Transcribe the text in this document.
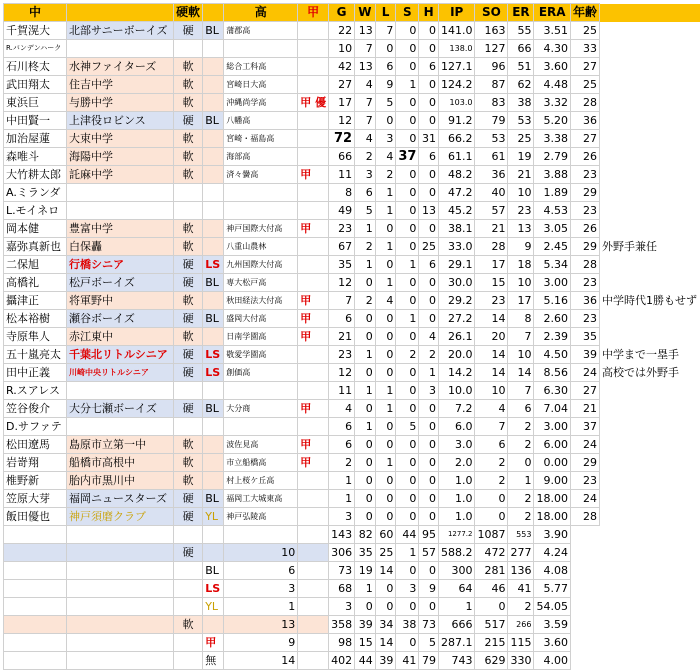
中		硬軟		高	甲	G	W	L	S	H	IP	SO	ER	ERA	年齢	
千賀滉大	北部サニーボーイズ	硬	BL	蒲郡高		22	13	7	0	0	141.0	163	55	3.51	25	
R.バンデンハーク						10	7	0	0	0	138.0	127	66	4.30	33	
石川柊太	水神ファイターズ	軟		総合工科高		42	13	6	0	6	127.1	96	51	3.60	27	
武田翔太	住吉中学	軟		宮崎日大高		27	4	9	1	0	124.2	87	62	4.48	25	
東浜巨	与勝中学	軟		沖縄尚学高	甲 優	17	7	5	0	0	103.0	83	38	3.32	28	
中田賢一	上津役ロビンス	硬	BL	八幡高		12	7	0	0	0	91.2	79	53	5.20	36	
加治屋蓮	大束中学	軟		宮崎・福島高		72	4	3	0	31	66.2	53	25	3.38	27	
森唯斗	海陽中学	軟		海部高		66	2	4	37	6	61.1	61	19	2.79	26	
大竹耕太郎	託麻中学	軟		済々黌高	甲	11	3	2	0	0	48.2	36	21	3.88	23	
A.ミランダ						8	6	1	0	0	47.2	40	10	1.89	29	
L.モイネロ						49	5	1	0	13	45.2	57	23	4.53	23	
岡本健	豊富中学	軟		神戸国際大付高	甲	23	1	0	0	0	38.1	21	13	3.05	26	
嘉弥真新也	白保轟	軟		八重山農林		67	2	1	0	25	33.0	28	9	2.45	29	外野手兼任
二保旭	行橋シニア	硬	LS	九州国際大付高		35	1	0	1	6	29.1	17	18	5.34	28	
高橋礼	松戸ボーイズ	硬	BL	専大松戸高		12	0	1	0	0	30.0	15	10	3.00	23	
攝津正	将軍野中	軟		秋田経法大付高	甲	7	2	4	0	0	29.2	23	17	5.16	36	中学時代1勝もせず
松本裕樹	瀬谷ボーイズ	硬	BL	盛岡大付高	甲	6	0	0	1	0	27.2	14	8	2.60	23	
寺原隼人	赤江東中	軟		日南学園高	甲	21	0	0	0	4	26.1	20	7	2.39	35	
五十嵐亮太	千葉北リトルシニア	硬	LS	敬愛学園高		23	1	0	2	2	20.0	14	10	4.50	39	中学まで一塁手
田中正義	川崎中央リトルシニア	硬	LS	創価高		12	0	0	0	1	14.2	14	14	8.56	24	高校では外野手
R.スアレス						11	1	1	0	3	10.0	10	7	6.30	27	
笠谷俊介	大分七瀬ボーイズ	硬	BL	大分商	甲	4	0	1	0	0	7.2	4	6	7.04	21	
D.サファテ						6	1	0	5	0	6.0	7	2	3.00	37	
松田遼馬	島原市立第一中	軟		波佐見高	甲	6	0	0	0	0	3.0	6	2	6.00	24	
岩嵜翔	船橋市高根中	軟		市立船橋高	甲	2	0	1	0	0	2.0	2	0	0.00	29	
椎野新	胎内市黒川中	軟		村上桜ケ丘高		1	0	0	0	0	1.0	2	1	9.00	23	
笠原大芽	福岡ニュースターズ	硬	BL	福岡工大城東高		1	0	0	0	0	1.0	0	2	18.00	24	
飯田優也	神戸須磨クラブ	硬	YL	神戸弘陵高		3	0	0	0	0	1.0	0	2	18.00	28	
						143	82	60	44	95	1277.2	1087	553	3.90		
		硬		10		306	35	25	1	57	588.2	472	277	4.24		
			BL	6		73	19	14	0	0	300	281	136	4.08		
			LS	3		68	1	0	3	9	64	46	41	5.77		
			YL	1		3	0	0	0	0	1	0	2	54.05		
		軟		13		358	39	34	38	73	666	517	266	3.59		
			甲	9		98	15	14	0	5	287.1	215	115	3.60		
			無	14		402	44	39	41	79	743	629	330	4.00		
